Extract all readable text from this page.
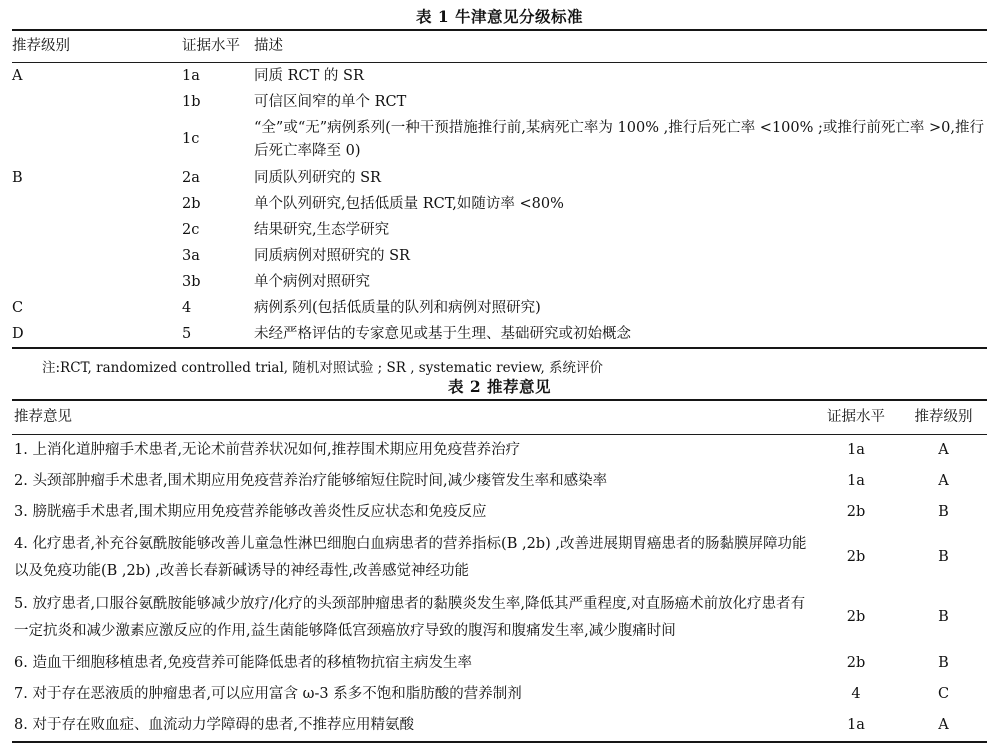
表 1 牛津意见分级标准
推荐级别	证据水平	描述
A	1a	同质 RCT 的 SR
	1b	可信区间窄的单个 RCT
	1c	“全”或“无”病例系列(一种干预措施推行前,某病死亡率为 100% ,推行后死亡率 <100% ;或推行前死亡率 >0,推行后死亡率降至 0)
B	2a	同质队列研究的 SR
	2b	单个队列研究,包括低质量 RCT,如随访率 <80%
	2c	结果研究,生态学研究
	3a	同质病例对照研究的 SR
	3b	单个病例对照研究
C	4	病例系列(包括低质量的队列和病例对照研究)
D	5	未经严格评估的专家意见或基于生理、基础研究或初始概念
注:RCT, randomized controlled trial, 随机对照试验 ; SR , systematic review, 系统评价
表 2 推荐意见
推荐意见	证据水平	推荐级别
1. 上消化道肿瘤手术患者,无论术前营养状况如何,推荐围术期应用免疫营养治疗	1a	A
2. 头颈部肿瘤手术患者,围术期应用免疫营养治疗能够缩短住院时间,减少瘘管发生率和感染率	1a	A
3. 膀胱癌手术患者,围术期应用免疫营养能够改善炎性反应状态和免疫反应	2b	B
4. 化疗患者,补充谷氨酰胺能够改善儿童急性淋巴细胞白血病患者的营养指标(B ,2b) ,改善进展期胃癌患者的肠黏膜屏障功能以及免疫功能(B ,2b) ,改善长春新碱诱导的神经毒性,改善感觉神经功能	2b	B
5. 放疗患者,口服谷氨酰胺能够减少放疗/化疗的头颈部肿瘤患者的黏膜炎发生率,降低其严重程度,对直肠癌术前放化疗患者有一定抗炎和减少激素应激反应的作用,益生菌能够降低宫颈癌放疗导致的腹泻和腹痛发生率,减少腹痛时间	2b	B
6. 造血干细胞移植患者,免疫营养可能降低患者的移植物抗宿主病发生率	2b	B
7. 对于存在恶液质的肿瘤患者,可以应用富含 ω-3 系多不饱和脂肪酸的营养制剂	4	C
8. 对于存在败血症、血流动力学障碍的患者,不推荐应用精氨酸	1a	A
